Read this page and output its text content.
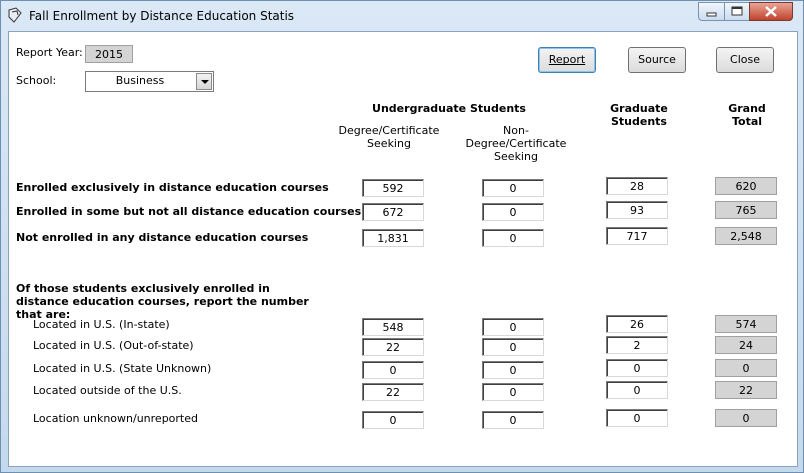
Fall Enrollment by Distance Education Statis
Report Year:	2015
School:	Business
Report	Source	Close
Undergraduate Students
Degree/Certificate Seeking
Non-Degree/Certificate Seeking
Graduate Students
Grand Total
Enrolled exclusively in distance education courses	592	0	28	620
Enrolled in some but not all distance education courses	672	0	93	765
Not enrolled in any distance education courses	1,831	0	717	2,548
Of those students exclusively enrolled in distance education courses, report the number that are:
Located in U.S. (In-state)	548	0	26	574
Located in U.S. (Out-of-state)	22	0	2	24
Located in U.S. (State Unknown)	0	0	0	0
Located outside of the U.S.	22	0	0	22
Location unknown/unreported	0	0	0	0
